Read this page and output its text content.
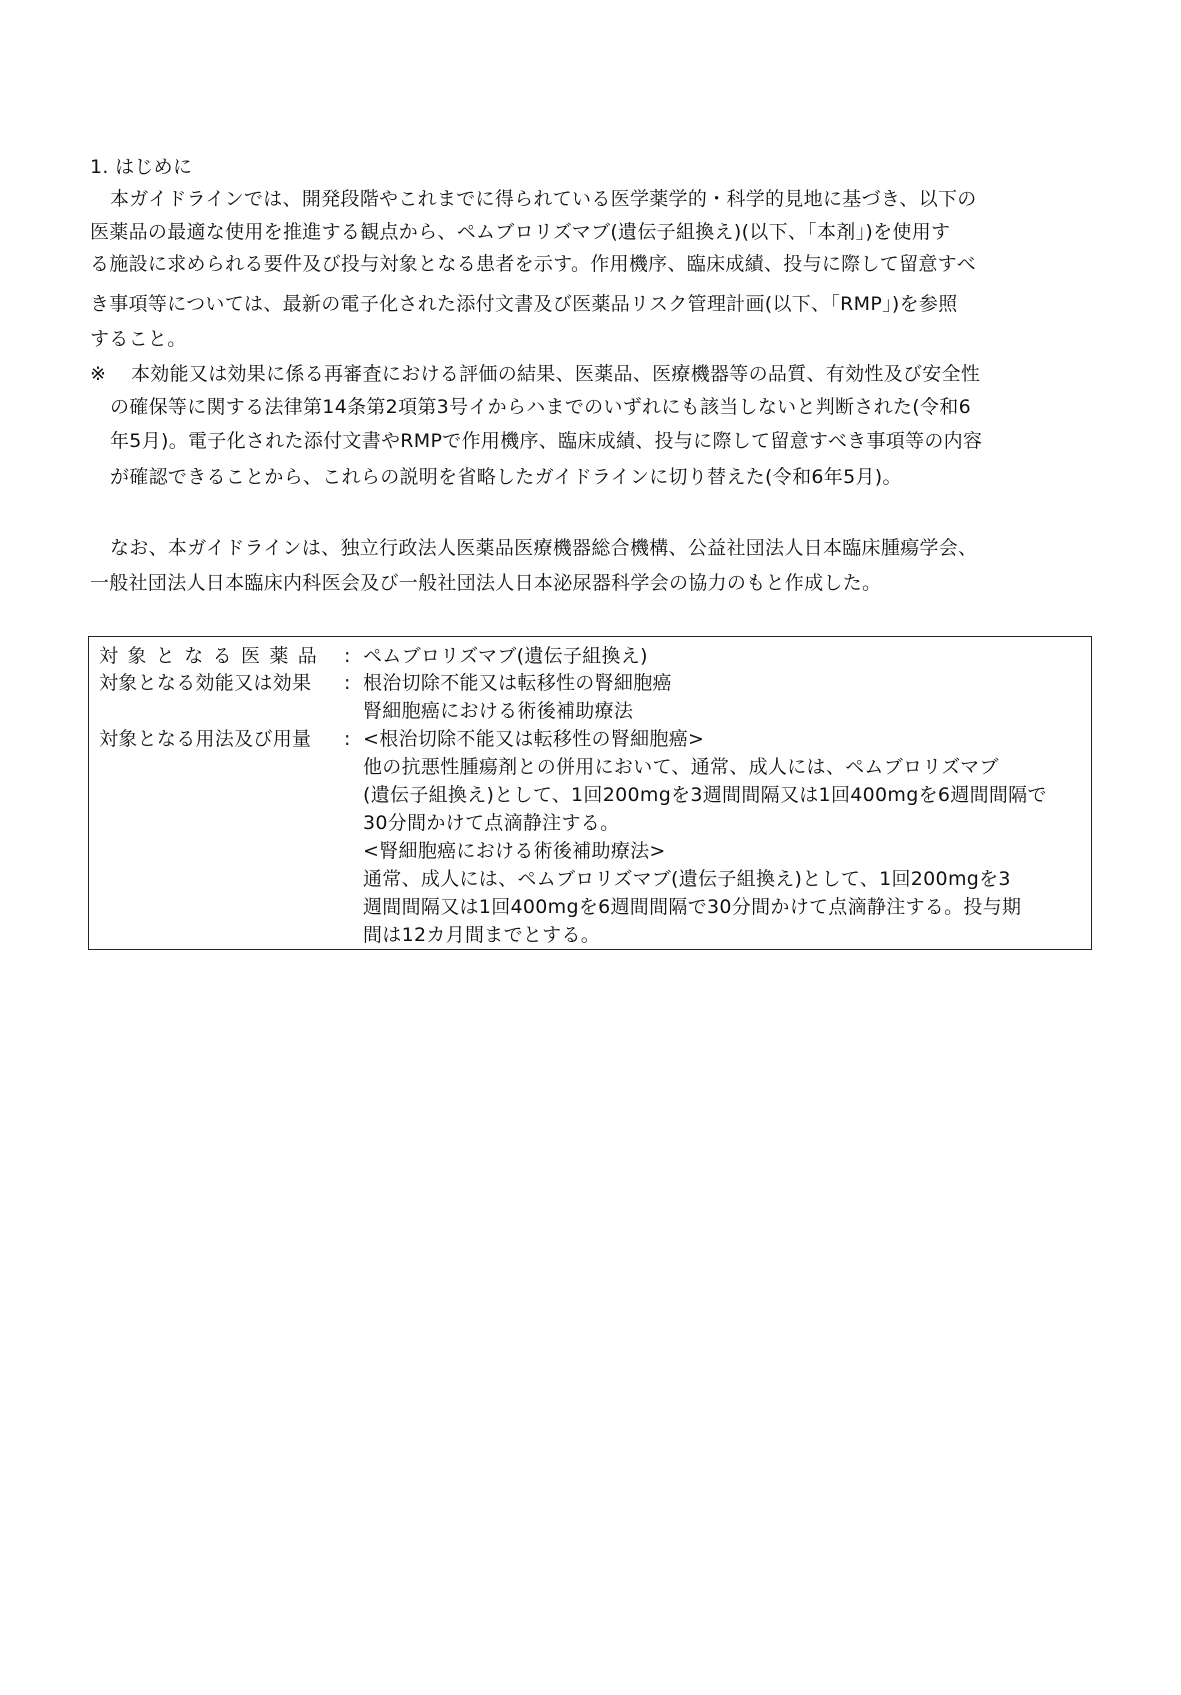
1. はじめに
本ガイドラインでは、開発段階やこれまでに得られている医学薬学的・科学的見地に基づき、以下の
医薬品の最適な使用を推進する観点から、ペムブロリズマブ(遺伝子組換え)(以下、「本剤」)を使用す
る施設に求められる要件及び投与対象となる患者を示す。作用機序、臨床成績、投与に際して留意すべ
き事項等については、最新の電子化された添付文書及び医薬品リスク管理計画(以下、「RMP」)を参照
すること。
※ 本効能又は効果に係る再審査における評価の結果、医薬品、医療機器等の品質、有効性及び安全性
の確保等に関する法律第14条第2項第3号イからハまでのいずれにも該当しないと判断された(令和6
年5月)。電子化された添付文書やRMPで作用機序、臨床成績、投与に際して留意すべき事項等の内容
が確認できることから、これらの説明を省略したガイドラインに切り替えた(令和6年5月)。
なお、本ガイドラインは、独立行政法人医薬品医療機器総合機構、公益社団法人日本臨床腫瘍学会、
一般社団法人日本臨床内科医会及び一般社団法人日本泌尿器科学会の協力のもと作成した。
対象となる医薬品 : ペムブロリズマブ(遺伝子組換え)
対象となる効能又は効果 : 根治切除不能又は転移性の腎細胞癌
腎細胞癌における術後補助療法
対象となる用法及び用量 : <根治切除不能又は転移性の腎細胞癌>
他の抗悪性腫瘍剤との併用において、通常、成人には、ペムブロリズマブ
(遺伝子組換え)として、1回200mgを3週間間隔又は1回400mgを6週間間隔で
30分間かけて点滴静注する。
<腎細胞癌における術後補助療法>
通常、成人には、ペムブロリズマブ(遺伝子組換え)として、1回200mgを3
週間間隔又は1回400mgを6週間間隔で30分間かけて点滴静注する。投与期
間は12カ月間までとする。
